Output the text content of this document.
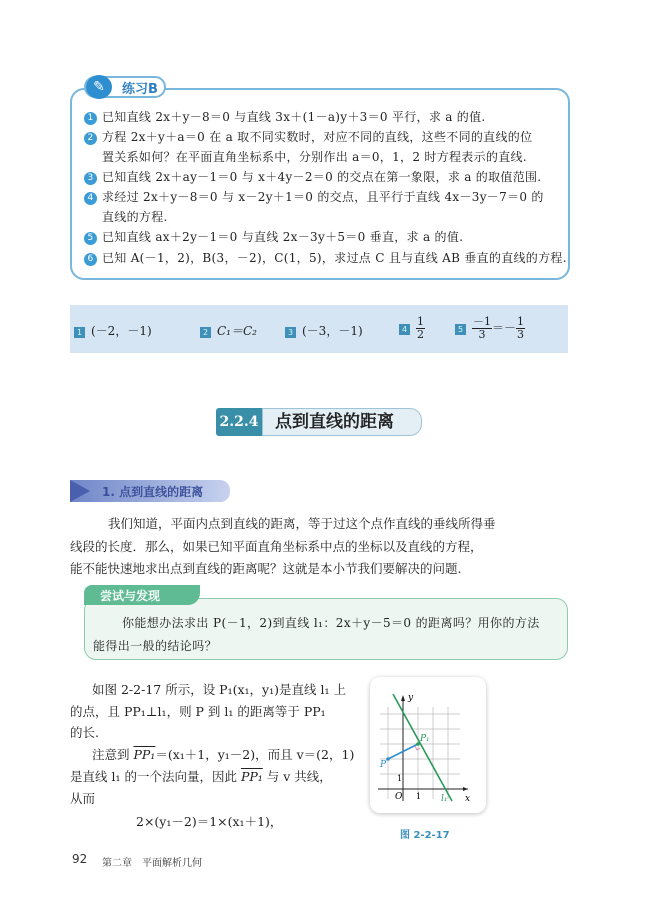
✎	练习B
1 已知直线 2x＋y－8＝0 与直线 3x＋(1－a)y＋3＝0 平行，求 a 的值.
2 方程 2x＋y＋a＝0 在 a 取不同实数时，对应不同的直线，这些不同的直线的位
置关系如何？在平面直角坐标系中，分别作出 a＝0，1，2 时方程表示的直线.
3 已知直线 2x＋ay－1＝0 与 x＋4y－2＝0 的交点在第一象限，求 a 的取值范围.
4 求经过 2x＋y－8＝0 与 x－2y＋1＝0 的交点，且平行于直线 4x－3y－7＝0 的
直线的方程.
5 已知直线 ax＋2y－1＝0 与直线 2x－3y＋5＝0 垂直，求 a 的值.
6 已知 A(－1，2)，B(3，－2)，C(1，5)，求过点 C 且与直线 AB 垂直的直线的方程.
1 (－2，－1)	2 C₁＝C₂	3 (－3，－1)	$4 \frac{1}{2}$	$5 \frac{-1}{3} =- \frac{1}{3}$
2.2.4 点到直线的距离
1. 点到直线的距离
我们知道，平面内点到直线的距离，等于过这个点作直线的垂线所得垂
线段的长度．那么，如果已知平面直角坐标系中点的坐标以及直线的方程，
能不能快速地求出点到直线的距离呢？这就是本小节我们要解决的问题.
尝试与发现
你能想办法求出 P(－1，2)到直线 l₁：2x＋y－5＝0 的距离吗？用你的方法
能得出一般的结论吗？
如图 2-2-17 所示，设 P₁(x₁，y₁)是直线 l₁ 上
的点，且 PP₁⊥l₁，则 P 到 l₁ 的距离等于 PP₁
的长.
注意到 PP₁＝(x₁＋1，y₁－2)，而且 v＝(2，1)
是直线 l₁ 的一个法向量，因此 PP₁ 与 v 共线，
从而
2×(y₁－2)＝1×(x₁＋1)，
y
x
O 1
1
P
P₁
l₁
图 2-2-17
92 第二章　平面解析几何
